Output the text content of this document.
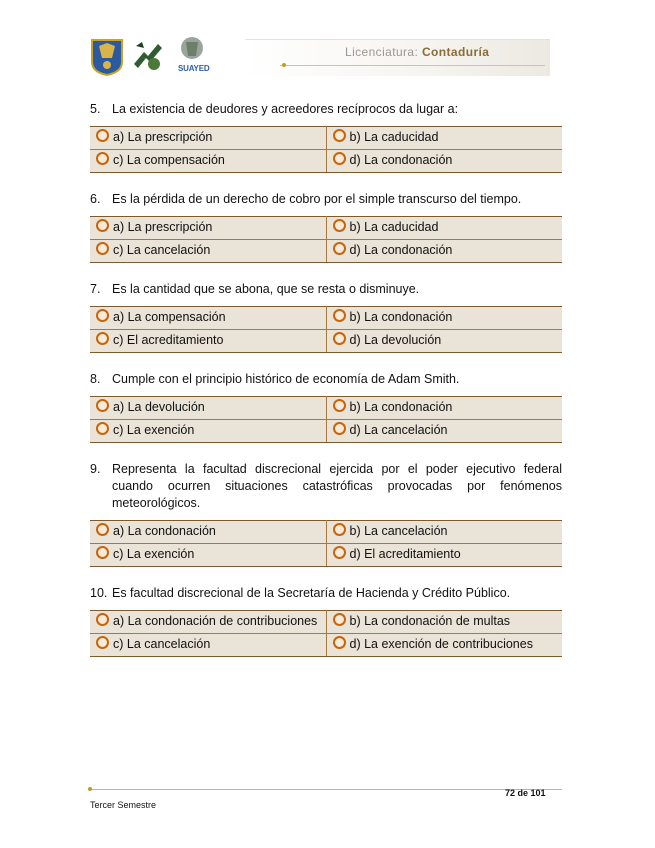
SUAYED
Licenciatura: Contaduría
5. La existencia de deudores y acreedores recíprocos da lugar a:
a) La prescripción	b) La caducidad
c) La compensación	d) La condonación
6. Es la pérdida de un derecho de cobro por el simple transcurso del tiempo.
a) La prescripción	b) La caducidad
c) La cancelación	d) La condonación
7. Es la cantidad que se abona, que se resta o disminuye.
a) La compensación	b) La condonación
c) El acreditamiento	d) La devolución
8. Cumple con el principio histórico de economía de Adam Smith.
a) La devolución	b) La condonación
c) La exención	d) La cancelación
9. Representa la facultad discrecional ejercida por el poder ejecutivo federal cuando ocurren situaciones catastróficas provocadas por fenómenos meteorológicos.
a) La condonación	b) La cancelación
c) La exención	d) El acreditamiento
10. Es facultad discrecional de la Secretaría de Hacienda y Crédito Público.
a) La condonación de contribuciones	b) La condonación de multas
c) La cancelación	d) La exención de contribuciones
72 de 101
Tercer Semestre
